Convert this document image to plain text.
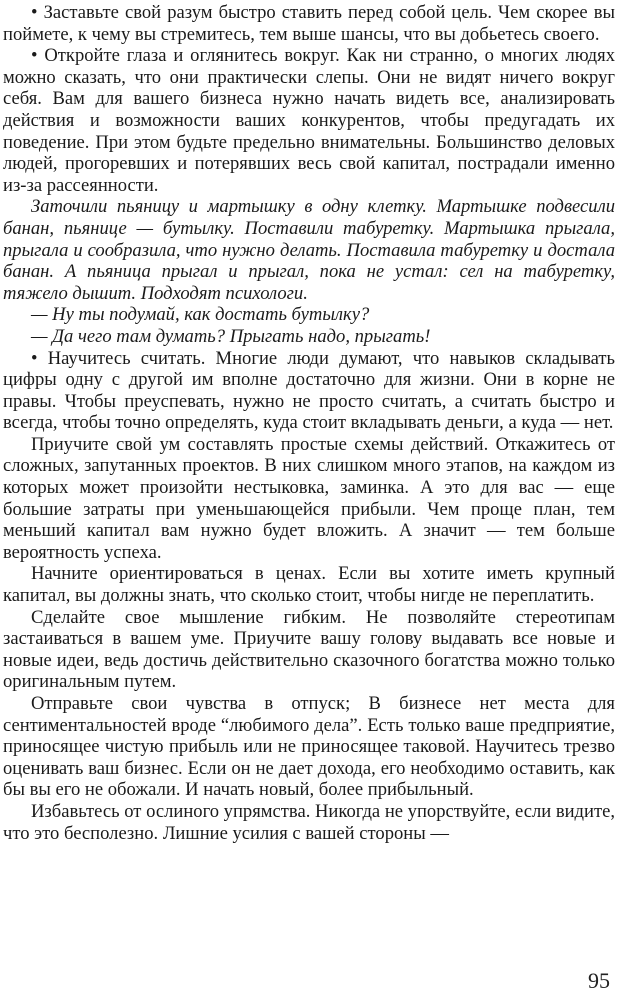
• Заставьте свой разум быстро ставить перед собой цель. Чем скорее вы поймете, к чему вы стремитесь, тем выше шансы, что вы добьетесь своего.

• Откройте глаза и оглянитесь вокруг. Как ни странно, о многих людях можно сказать, что они практически слепы. Они не видят ничего вокруг себя. Вам для вашего бизнеса нужно начать видеть все, анализировать действия и возможности ваших конкурентов, чтобы предугадать их поведение. При этом будьте предельно внимательны. Большинство деловых людей, прогоревших и потерявших весь свой капитал, пострадали именно из-за рассеянности.

Заточили пьяницу и мартышку в одну клетку. Мартышке подвесили банан, пьянице — бутылку. Поставили табуретку. Мартышка прыгала, прыгала и сообразила, что нужно делать. Поставила табуретку и достала банан. А пьяница прыгал и прыгал, пока не устал: сел на табуретку, тяжело дышит. Подходят психологи.

— Ну ты подумай, как достать бутылку?

— Да чего там думать? Прыгать надо, прыгать!

• Научитесь считать. Многие люди думают, что навыков складывать цифры одну с другой им вполне достаточно для жизни. Они в корне не правы. Чтобы преуспевать, нужно не просто считать, а считать быстро и всегда, чтобы точно определять, куда стоит вкладывать деньги, а куда — нет.

Приучите свой ум составлять простые схемы действий. Откажитесь от сложных, запутанных проектов. В них слишком много этапов, на каждом из которых может произойти нестыковка, заминка. А это для вас — еще большие затраты при уменьшающейся прибыли. Чем проще план, тем меньший капитал вам нужно будет вложить. А значит — тем больше вероятность успеха.

Начните ориентироваться в ценах. Если вы хотите иметь крупный капитал, вы должны знать, что сколько стоит, чтобы нигде не переплатить.

Сделайте свое мышление гибким. Не позволяйте стереотипам застаиваться в вашем уме. Приучите вашу голову выдавать все новые и новые идеи, ведь достичь действительно сказочного богатства можно только оригинальным путем.

Отправьте свои чувства в отпуск; В бизнесе нет места для сентиментальностей вроде “любимого дела”. Есть только ваше предприятие, приносящее чистую прибыль или не приносящее таковой. Научитесь трезво оценивать ваш бизнес. Если он не дает дохода, его необходимо оставить, как бы вы его не обожали. И начать новый, более прибыльный.

Избавьтесь от ослиного упрямства. Никогда не упорствуйте, если видите, что это бесполезно. Лишние усилия с вашей стороны —

95
